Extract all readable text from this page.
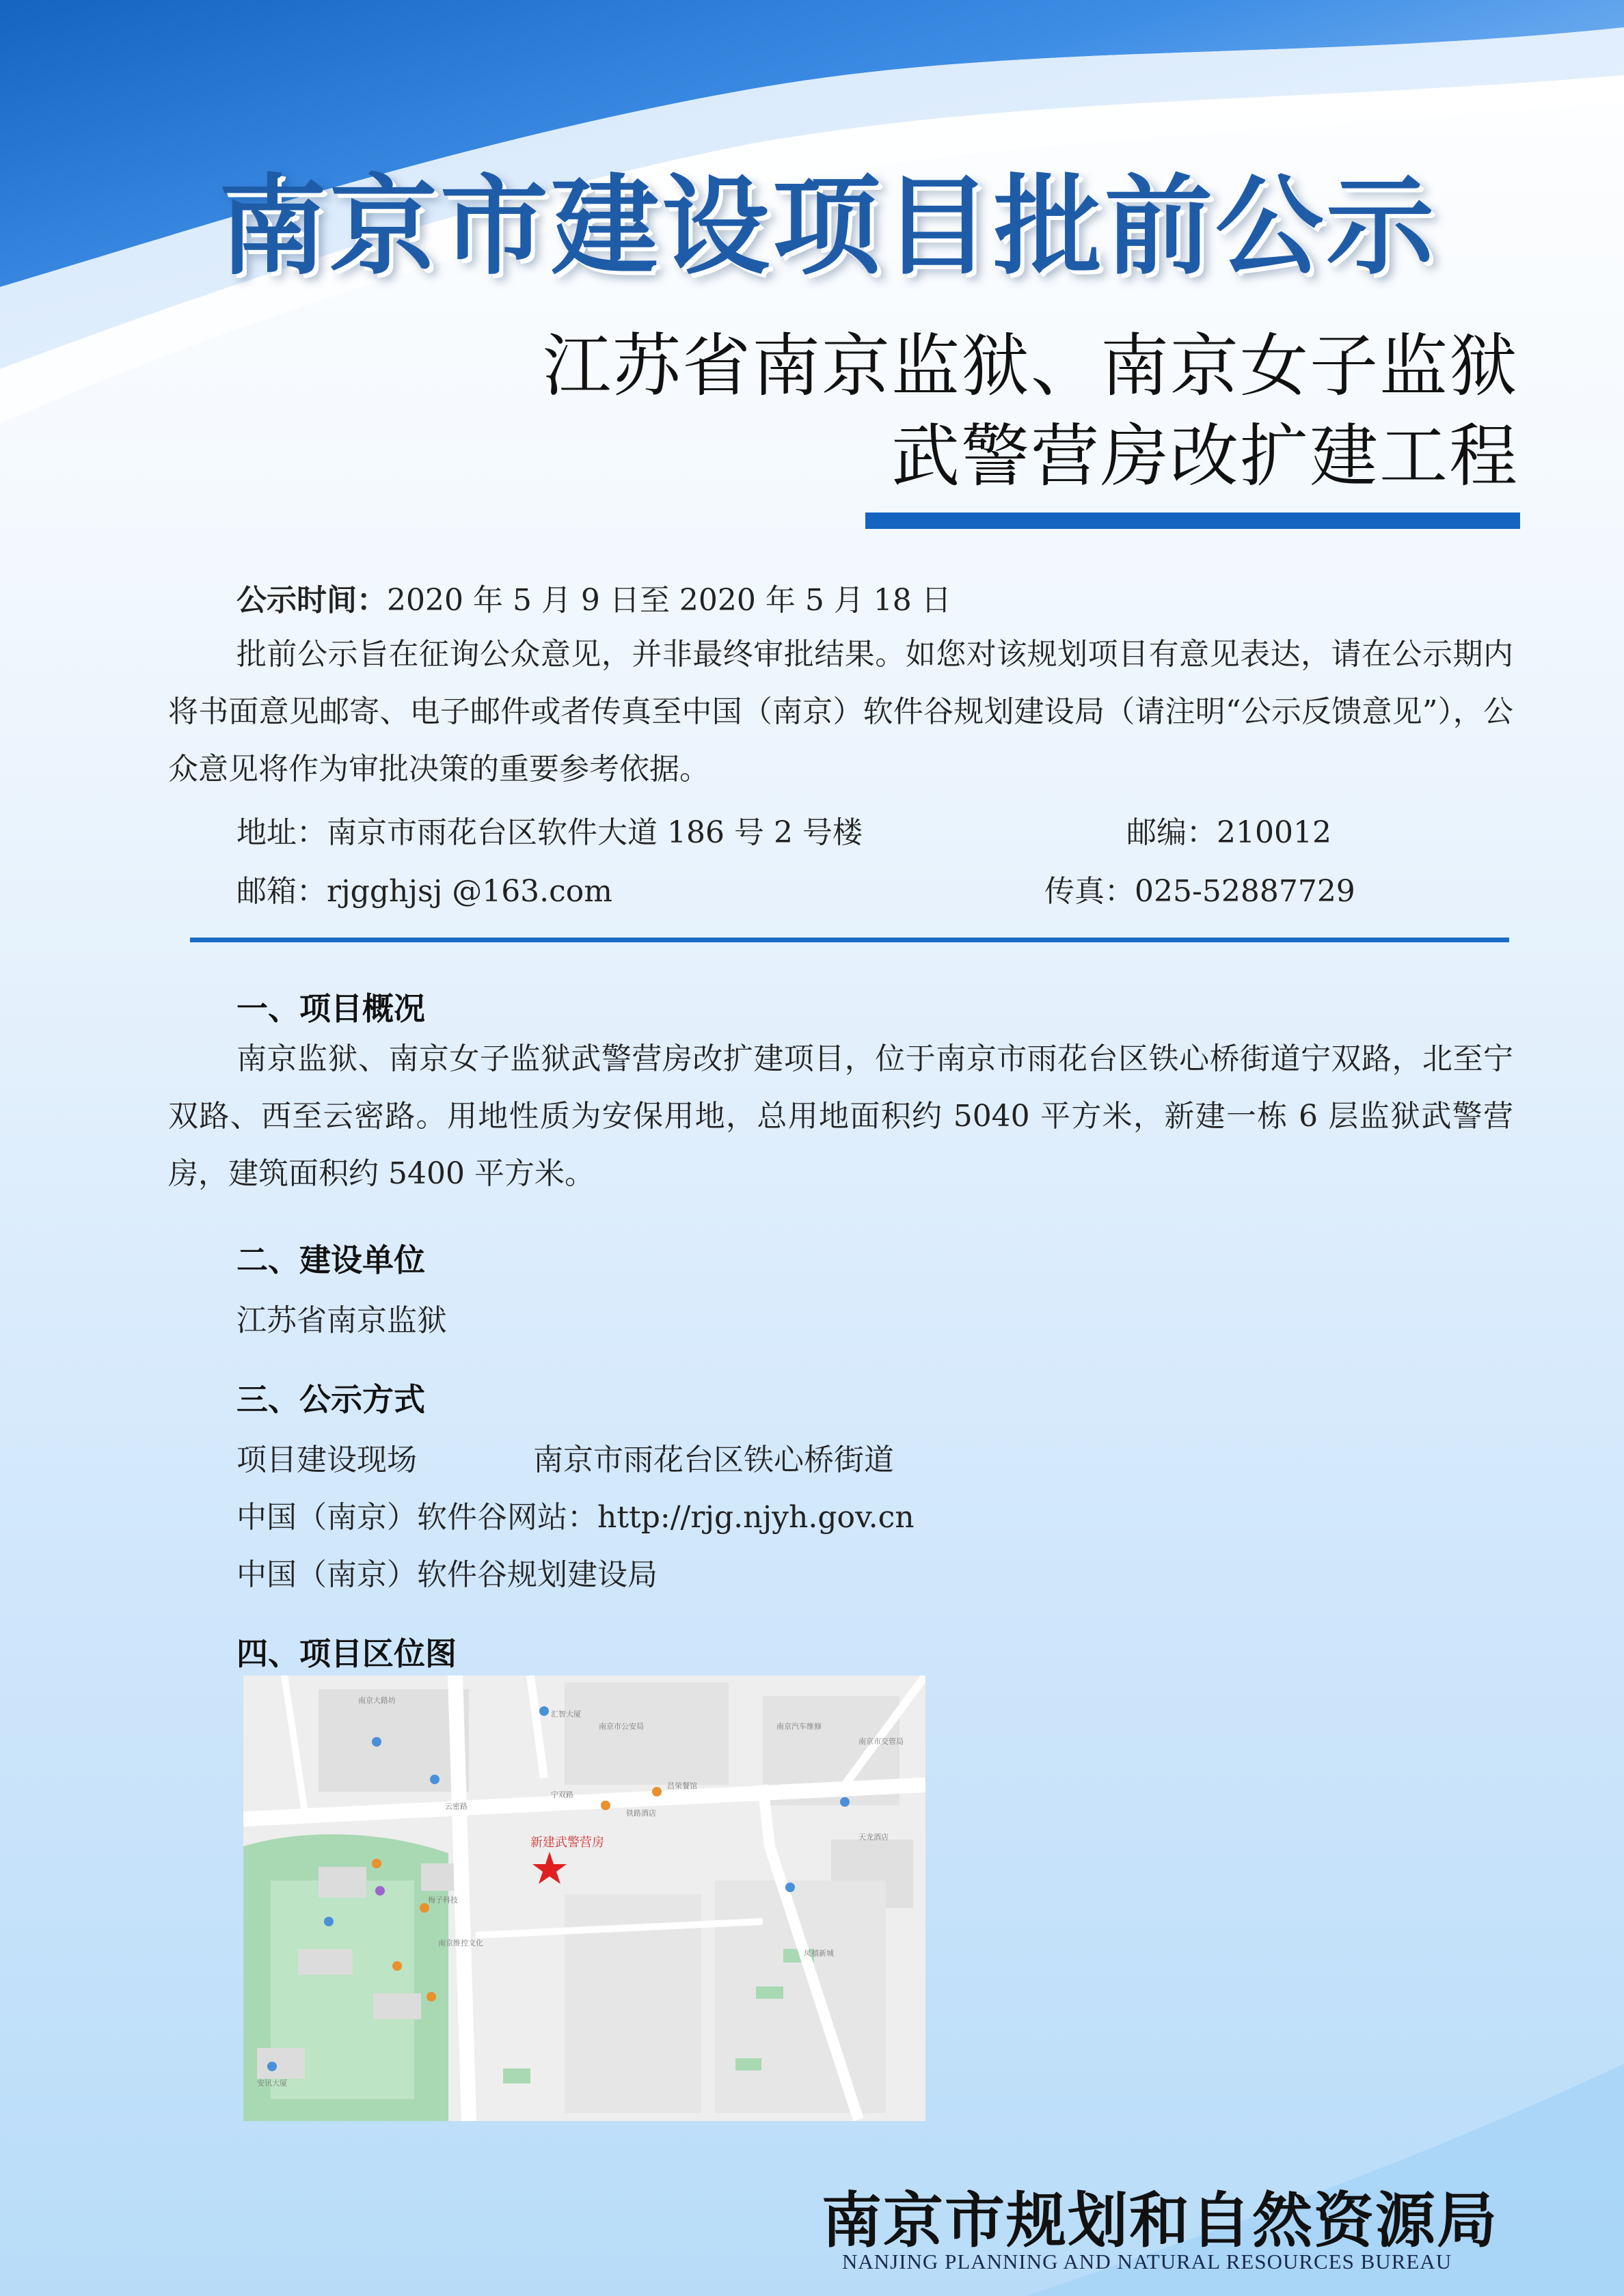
南京市建设项目批前公示
江苏省南京监狱、南京女子监狱
武警营房改扩建工程
公示时间：2020 年 5 月 9 日至 2020 年 5 月 18 日
批前公示旨在征询公众意见，并非最终审批结果。如您对该规划项目有意见表达，请在公示期内将书面意见邮寄、电子邮件或者传真至中国（南京）软件谷规划建设局（请注明“公示反馈意见”），公众意见将作为审批决策的重要参考依据。
地址：南京市雨花台区软件大道 186 号 2 号楼	邮编：210012
邮箱：rjgghjsj @163.com	传真：025-52887729
一、项目概况
南京监狱、南京女子监狱武警营房改扩建项目，位于南京市雨花台区铁心桥街道宁双路，北至宁双路、西至云密路。用地性质为安保用地，总用地面积约 5040 平方米，新建一栋 6 层监狱武警营房，建筑面积约 5400 平方米。
二、建设单位
江苏省南京监狱
三、公示方式
项目建设现场	南京市雨花台区铁心桥街道
中国（南京）软件谷网站：http://rjg.njyh.gov.cn
中国（南京）软件谷规划建设局
四、项目区位图
新建武警营房
南京大路坊
汇智大厦
南京市公安局	南京汽车维修
南京市交管局
宁双路
云密路
昌荣餐馆
天龙酒店
铁路酒店
梅子科技
南京维控文化
凤禧新城
安讯大厦
南京市规划和自然资源局
NANJING PLANNING AND NATURAL RESOURCES BUREAU
